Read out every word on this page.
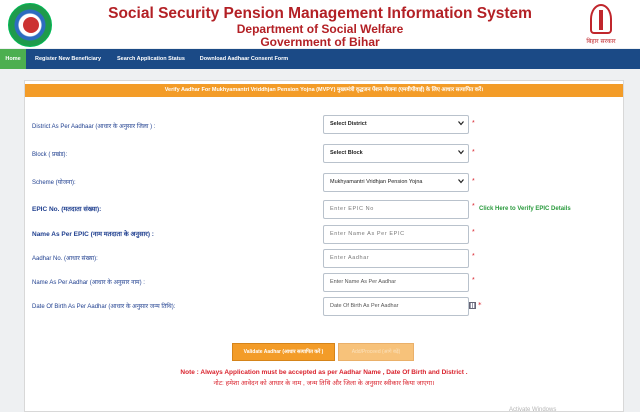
Social Security Pension Management Information System
Department of Social Welfare
Government of Bihar	बिहार सरकार
Home	Register New Beneficiary	Search Application Status	Download Aadhaar Consent Form
Verify Aadhar For Mukhyamantri Vriddhjan Pension Yojna (MVPY) मुख्यमंत्री वृद्धजन पेंशन योजना (एमवीपीवाई) के लिए आधार सत्यापित करें।
District As Per Aadhaar (आधार के अनुसार जिला ) :	Select District	*
Block ( प्रखंड):	Select Block	*
Scheme (योजना):	Mukhyamantri Vridhjan Pension Yojna	*
EPIC No. (मतदाता संख्या):	Enter EPIC No	* Click Here to Verify EPIC Details
Name As Per EPIC (नाम मतदाता के अनुसार) :	Enter Name As Per EPIC	*
Aadhar No. (आधार संख्या):	Enter Aadhar	*
Name As Per Aadhar (आधार के अनुसार नाम) :	Enter Name As Per Aadhar	*
Date Of Birth As Per Aadhar (आधार के अनुसार जन्म तिथि):	Date Of Birth As Per Aadhar	*
Validate Aadhar (आधार सत्यापित करें )	Add/Proceed (आगे बढ़ें)
Note : Always Application must be accepted as per Aadhar Name , Date Of Birth and District .
नोट: हमेशा आवेदन को आधार के नाम , जन्म तिथि और जिला के अनुसार स्वीकार किया जाएगा।
Activate Windows
